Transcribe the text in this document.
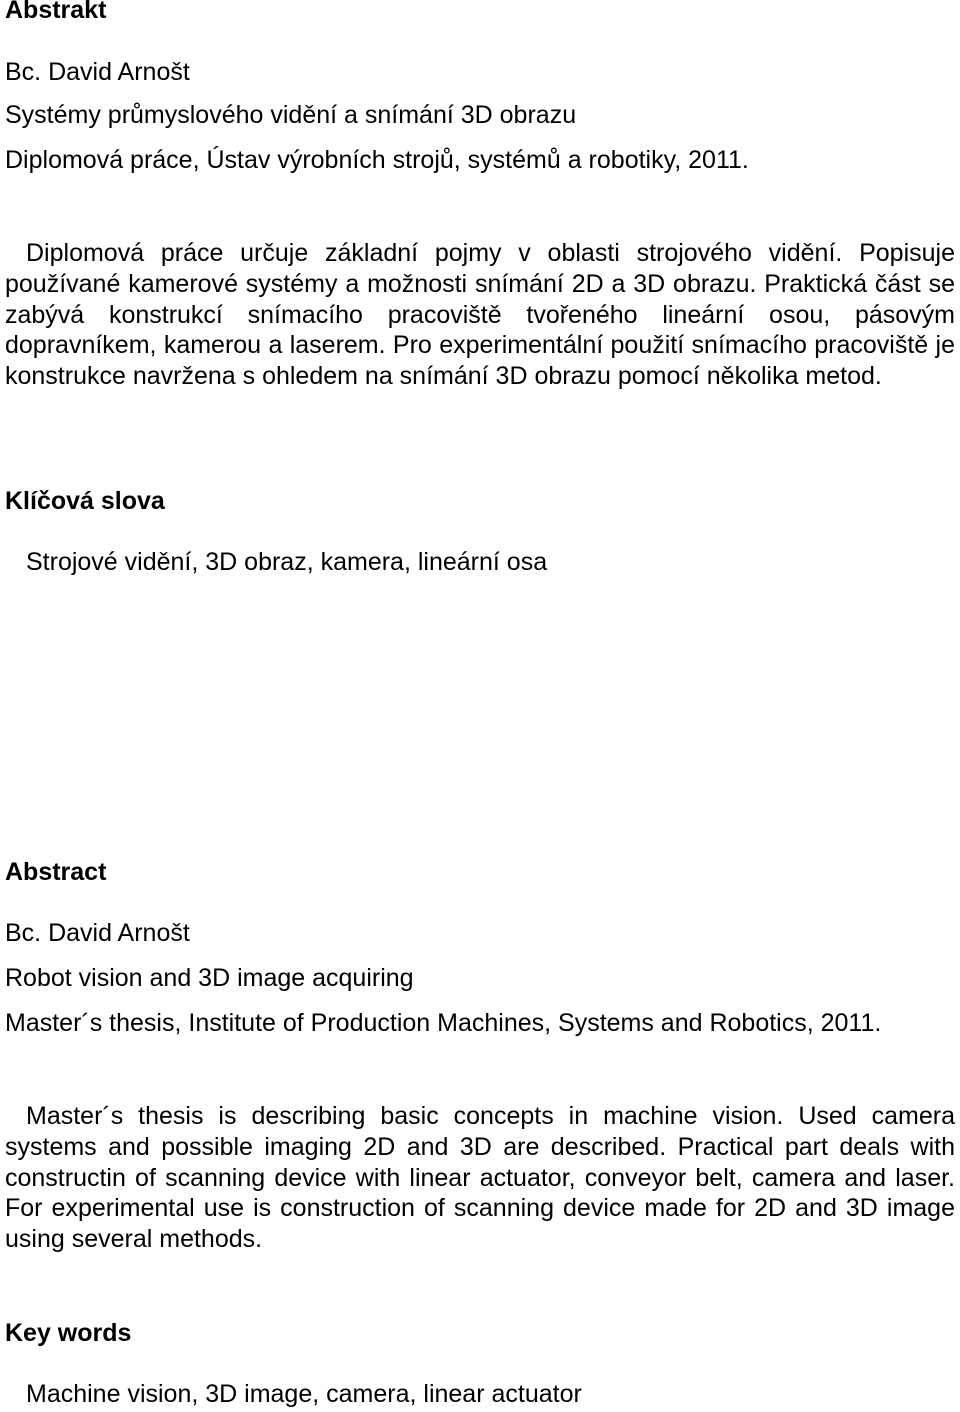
Abstrakt

Bc. David Arnošt

Systémy průmyslového vidění a snímání 3D obrazu

Diplomová práce, Ústav výrobních strojů, systémů a robotiky, 2011.

Diplomová práce určuje základní pojmy v oblasti strojového vidění. Popisuje používané kamerové systémy a možnosti snímání 2D a 3D obrazu. Praktická část se zabývá konstrukcí snímacího pracoviště tvořeného lineární osou, pásovým dopravníkem, kamerou a laserem. Pro experimentální použití snímacího pracoviště je konstrukce navržena s ohledem na snímání 3D obrazu pomocí několika metod.

Klíčová slova

Strojové vidění, 3D obraz, kamera, lineární osa

Abstract

Bc. David Arnošt

Robot vision and 3D image acquiring

Master´s thesis, Institute of Production Machines, Systems and Robotics, 2011.

Master´s thesis is describing basic concepts in machine vision. Used camera systems and possible imaging 2D and 3D are described. Practical part deals with constructin of scanning device with linear actuator, conveyor belt, camera and laser. For experimental use is construction of scanning device made for 2D and 3D image using several methods.

Key words

Machine vision, 3D image, camera, linear actuator
